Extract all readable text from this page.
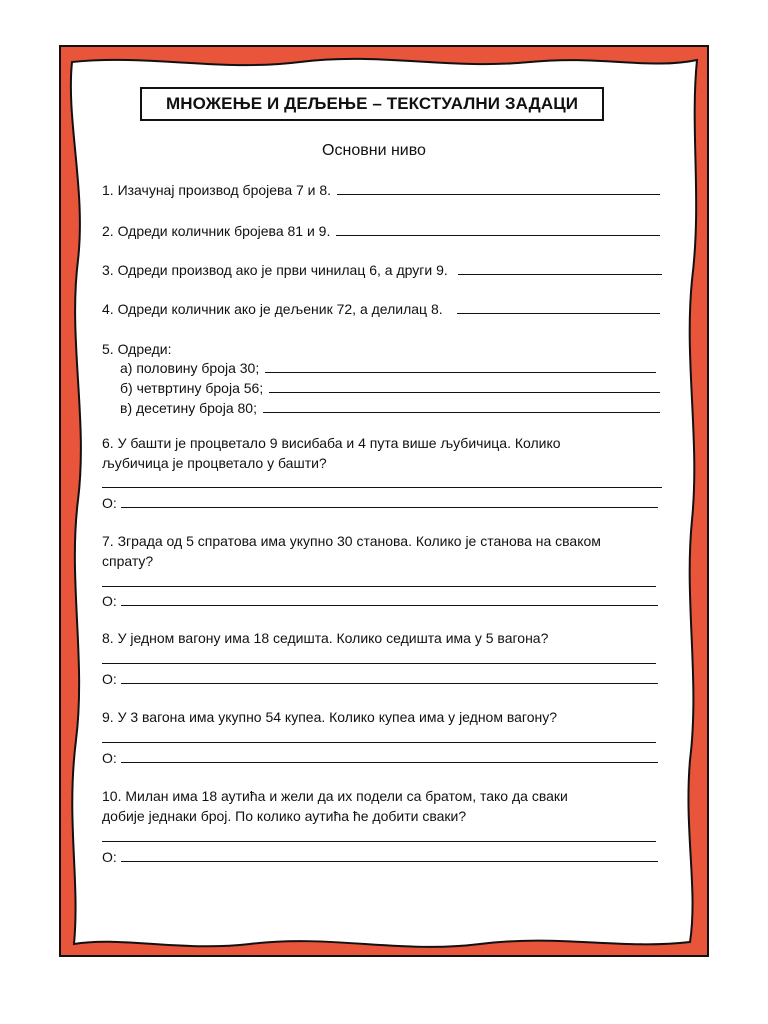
МНОЖЕЊЕ И ДЕЉЕЊЕ – ТЕКСТУАЛНИ ЗАДАЦИ
Основни ниво
1. Изачунај производ бројева 7 и 8.
2. Одреди количник бројева 81 и 9.
3. Одреди производ ако је први чинилац 6, а други 9.
4. Одреди количник ако је дељеник 72, а делилац 8.
5. Одреди:
а) половину броја 30;
б) четвртину броја 56;
в) десетину броја 80;
6. У башти је процветало 9 висибаба и 4 пута више љубичица. Колико
љубичица је процветало у башти?
О:
7. Зграда од 5 спратова има укупно 30 станова. Колико је станова на сваком
спрату?
О:
8. У једном вагону има 18 седишта. Колико седишта има у 5 вагона?
О:
9. У 3 вагона има укупно 54 купеа. Колико купеа има у једном вагону?
О:
10. Милан има 18 аутића и жели да их подели са братом, тако да сваки
добије једнаки број. По колико аутића ће добити сваки?
О:
